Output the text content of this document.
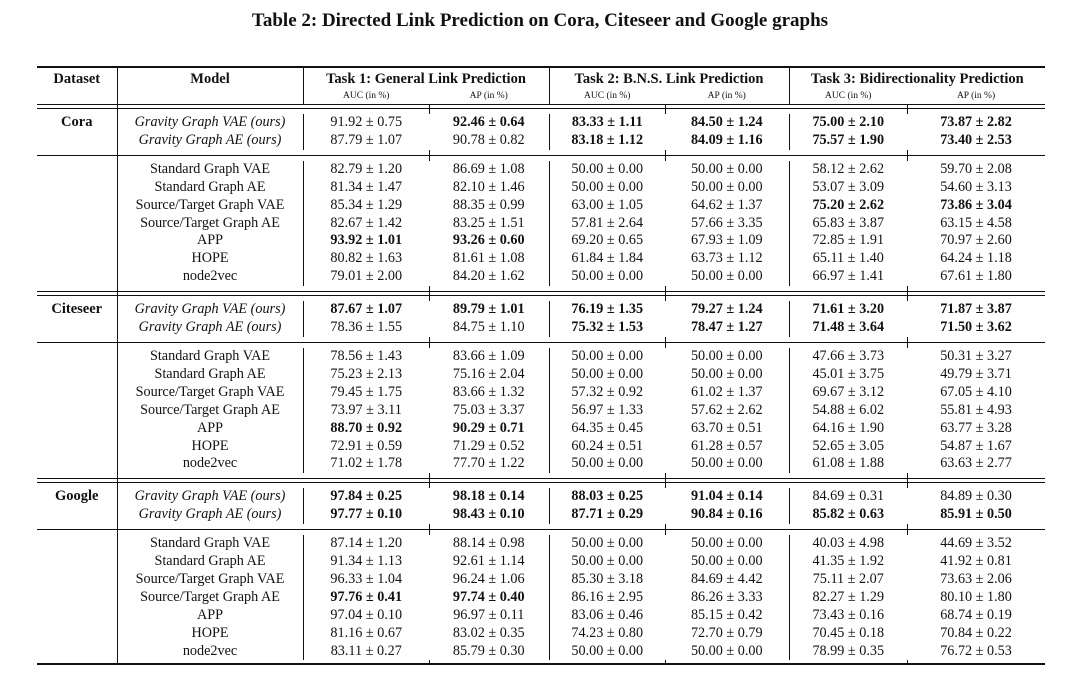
Table 2: Directed Link Prediction on Cora, Citeseer and Google graphs
Dataset	Model	Task 1: General Link Prediction		Task 2: B.N.S. Link Prediction		Task 3: Bidirectionality Prediction	
		AUC (in %)	AP (in %)	AUC (in %)	AP (in %)	AUC (in %)	AP (in %)

Cora	Gravity Graph VAE (ours)	91.92 ± 0.75	92.46 ± 0.64	83.33 ± 1.11	84.50 ± 1.24	75.00 ± 2.10	73.87 ± 2.82
	Gravity Graph AE (ours)	87.79 ± 1.07	90.78 ± 0.82	83.18 ± 1.12	84.09 ± 1.16	75.57 ± 1.90	73.40 ± 2.53

	Standard Graph VAE	82.79 ± 1.20	86.69 ± 1.08	50.00 ± 0.00	50.00 ± 0.00	58.12 ± 2.62	59.70 ± 2.08
	Standard Graph AE	81.34 ± 1.47	82.10 ± 1.46	50.00 ± 0.00	50.00 ± 0.00	53.07 ± 3.09	54.60 ± 3.13
	Source/Target Graph VAE	85.34 ± 1.29	88.35 ± 0.99	63.00 ± 1.05	64.62 ± 1.37	75.20 ± 2.62	73.86 ± 3.04
	Source/Target Graph AE	82.67 ± 1.42	83.25 ± 1.51	57.81 ± 2.64	57.66 ± 3.35	65.83 ± 3.87	63.15 ± 4.58
	APP	93.92 ± 1.01	93.26 ± 0.60	69.20 ± 0.65	67.93 ± 1.09	72.85 ± 1.91	70.97 ± 2.60
	HOPE	80.82 ± 1.63	81.61 ± 1.08	61.84 ± 1.84	63.73 ± 1.12	65.11 ± 1.40	64.24 ± 1.18
	node2vec	79.01 ± 2.00	84.20 ± 1.62	50.00 ± 0.00	50.00 ± 0.00	66.97 ± 1.41	67.61 ± 1.80

Citeseer	Gravity Graph VAE (ours)	87.67 ± 1.07	89.79 ± 1.01	76.19 ± 1.35	79.27 ± 1.24	71.61 ± 3.20	71.87 ± 3.87
	Gravity Graph AE (ours)	78.36 ± 1.55	84.75 ± 1.10	75.32 ± 1.53	78.47 ± 1.27	71.48 ± 3.64	71.50 ± 3.62

	Standard Graph VAE	78.56 ± 1.43	83.66 ± 1.09	50.00 ± 0.00	50.00 ± 0.00	47.66 ± 3.73	50.31 ± 3.27
	Standard Graph AE	75.23 ± 2.13	75.16 ± 2.04	50.00 ± 0.00	50.00 ± 0.00	45.01 ± 3.75	49.79 ± 3.71
	Source/Target Graph VAE	79.45 ± 1.75	83.66 ± 1.32	57.32 ± 0.92	61.02 ± 1.37	69.67 ± 3.12	67.05 ± 4.10
	Source/Target Graph AE	73.97 ± 3.11	75.03 ± 3.37	56.97 ± 1.33	57.62 ± 2.62	54.88 ± 6.02	55.81 ± 4.93
	APP	88.70 ± 0.92	90.29 ± 0.71	64.35 ± 0.45	63.70 ± 0.51	64.16 ± 1.90	63.77 ± 3.28
	HOPE	72.91 ± 0.59	71.29 ± 0.52	60.24 ± 0.51	61.28 ± 0.57	52.65 ± 3.05	54.87 ± 1.67
	node2vec	71.02 ± 1.78	77.70 ± 1.22	50.00 ± 0.00	50.00 ± 0.00	61.08 ± 1.88	63.63 ± 2.77

Google	Gravity Graph VAE (ours)	97.84 ± 0.25	98.18 ± 0.14	88.03 ± 0.25	91.04 ± 0.14	84.69 ± 0.31	84.89 ± 0.30
	Gravity Graph AE (ours)	97.77 ± 0.10	98.43 ± 0.10	87.71 ± 0.29	90.84 ± 0.16	85.82 ± 0.63	85.91 ± 0.50

	Standard Graph VAE	87.14 ± 1.20	88.14 ± 0.98	50.00 ± 0.00	50.00 ± 0.00	40.03 ± 4.98	44.69 ± 3.52
	Standard Graph AE	91.34 ± 1.13	92.61 ± 1.14	50.00 ± 0.00	50.00 ± 0.00	41.35 ± 1.92	41.92 ± 0.81
	Source/Target Graph VAE	96.33 ± 1.04	96.24 ± 1.06	85.30 ± 3.18	84.69 ± 4.42	75.11 ± 2.07	73.63 ± 2.06
	Source/Target Graph AE	97.76 ± 0.41	97.74 ± 0.40	86.16 ± 2.95	86.26 ± 3.33	82.27 ± 1.29	80.10 ± 1.80
	APP	97.04 ± 0.10	96.97 ± 0.11	83.06 ± 0.46	85.15 ± 0.42	73.43 ± 0.16	68.74 ± 0.19
	HOPE	81.16 ± 0.67	83.02 ± 0.35	74.23 ± 0.80	72.70 ± 0.79	70.45 ± 0.18	70.84 ± 0.22
	node2vec	83.11 ± 0.27	85.79 ± 0.30	50.00 ± 0.00	50.00 ± 0.00	78.99 ± 0.35	76.72 ± 0.53
